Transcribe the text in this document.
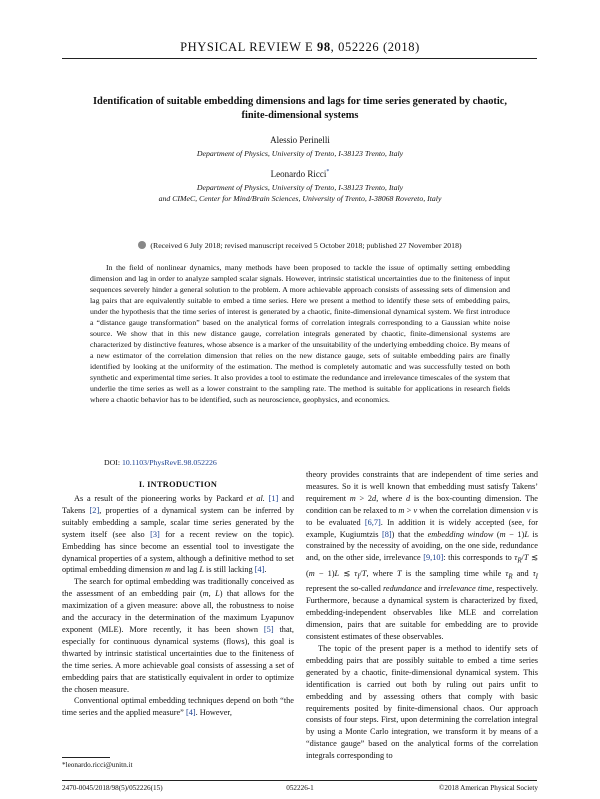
PHYSICAL REVIEW E 98, 052226 (2018)
Identification of suitable embedding dimensions and lags for time series generated by chaotic, finite-dimensional systems
Alessio Perinelli
Department of Physics, University of Trento, I-38123 Trento, Italy
Leonardo Ricci*
Department of Physics, University of Trento, I-38123 Trento, Italy
and CIMeC, Center for Mind/Brain Sciences, University of Trento, I-38068 Rovereto, Italy
(Received 6 July 2018; revised manuscript received 5 October 2018; published 27 November 2018)

In the field of nonlinear dynamics, many methods have been proposed to tackle the issue of optimally setting embedding dimension and lag in order to analyze sampled scalar signals. However, intrinsic statistical uncertainties due to the finiteness of input sequences severely hinder a general solution to the problem. A more achievable approach consists of assessing sets of dimension and lag pairs that are equivalently suitable to embed a time series. Here we present a method to identify these sets of embedding pairs, under the hypothesis that the time series of interest is generated by a chaotic, finite-dimensional dynamical system. We first introduce a “distance gauge transformation” based on the analytical forms of correlation integrals corresponding to a Gaussian white noise source. We show that in this new distance gauge, correlation integrals generated by chaotic, finite-dimensional systems are characterized by distinctive features, whose absence is a marker of the unsuitability of the underlying embedding choice. By means of a new estimator of the correlation dimension that relies on the new distance gauge, sets of suitable embedding pairs are finally identified by looking at the uniformity of the estimation. The method is completely automatic and was successfully tested on both synthetic and experimental time series. It also provides a tool to estimate the redundance and irrelevance timescales of the system that underlie the time series as well as a lower constraint to the sampling rate. The method is suitable for applications in research fields where a chaotic behavior has to be identified, such as neuroscience, geophysics, and economics.

DOI: 10.1103/PhysRevE.98.052226
I. INTRODUCTION

As a result of the pioneering works by Packard et al. [1] and Takens [2], properties of a dynamical system can be inferred by suitably embedding a sample, scalar time series generated by the system itself (see also [3] for a recent review on the topic). Embedding has since become an essential tool to investigate the dynamical properties of a system, although a definitive method to set optimal embedding dimension m and lag L is still lacking [4].

The search for optimal embedding was traditionally conceived as the assessment of an embedding pair (m, L) that allows for the maximization of a given measure: above all, the robustness to noise and the accuracy in the determination of the maximum Lyapunov exponent (MLE). More recently, it has been shown [5] that, especially for continuous dynamical systems (flows), this goal is thwarted by intrinsic statistical uncertainties due to the finiteness of the time series. A more achievable goal consists of assessing a set of embedding pairs that are statistically equivalent in order to optimize the chosen measure.

Conventional optimal embedding techniques depend on both “the time series and the applied measure” [4]. However,

theory provides constraints that are independent of time series and measures. So it is well known that embedding must satisfy Takens’ requirement m > 2d, where d is the box-counting dimension. The condition can be relaxed to m > ν when the correlation dimension ν is to be evaluated [6,7]. In addition it is widely accepted (see, for example, Kugiumtzis [8]) that the embedding window (m − 1)L is constrained by the necessity of avoiding, on the one side, redundance and, on the other side, irrelevance [9,10]: this corresponds to $\tau_R/T$ ≲ (m − 1)L ≲ $\tau_I/T$, where T is the sampling time while $\tau_R$ and $\tau_I$ represent the so-called redundance and irrelevance time, respectively. Furthermore, because a dynamical system is characterized by fixed, embedding-independent observables like MLE and correlation dimension, pairs that are suitable for embedding are to provide consistent estimates of these observables.

The topic of the present paper is a method to identify sets of embedding pairs that are possibly suitable to embed a time series generated by a chaotic, finite-dimensional dynamical system. This identification is carried out both by ruling out pairs unfit to embedding and by assessing others that comply with basic requirements posited by finite-dimensional chaos. Our approach consists of four steps. First, upon determining the correlation integral by using a Monte Carlo integration, we transform it by means of a “distance gauge” based on the analytical forms of the correlation integrals corresponding to

*leonardo.ricci@unitn.it
2470-0045/2018/98(5)/052226(15)	052226-1	©2018 American Physical Society
